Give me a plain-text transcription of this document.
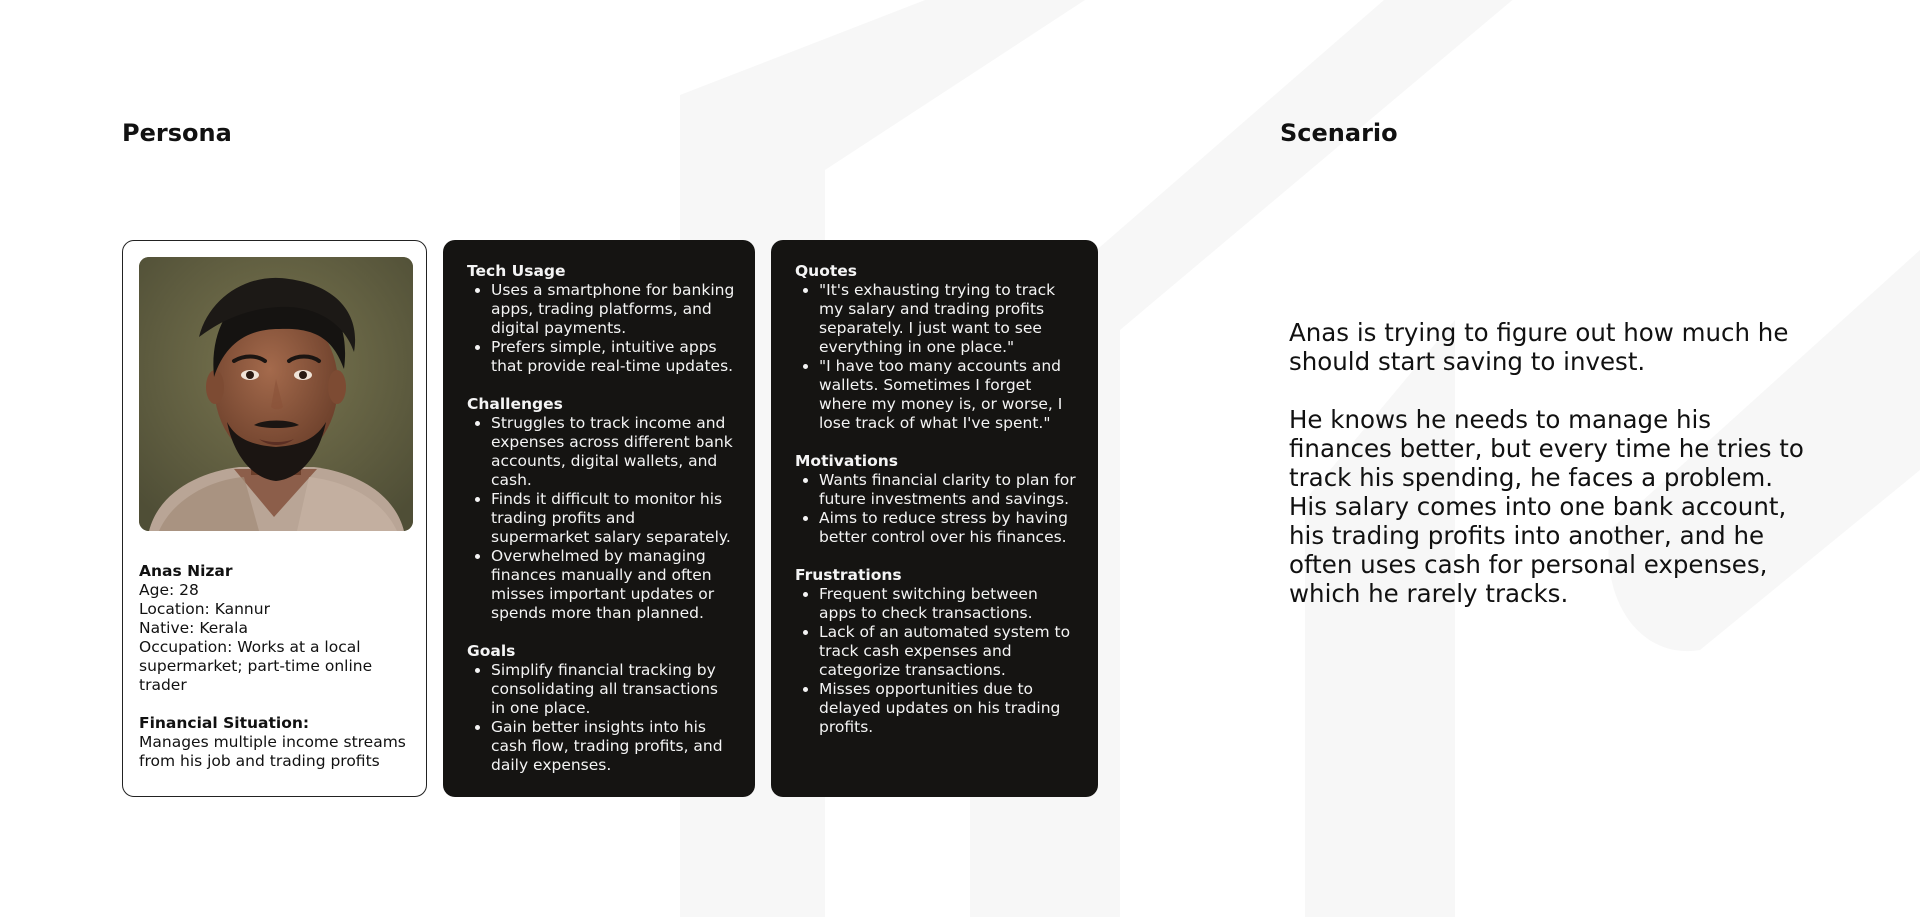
Persona	Scenario
Anas Nizar
Age: 28
Location: Kannur
Native: Kerala
Occupation: Works at a local supermarket; part-time online trader
Financial Situation:
Manages multiple income streams from his job and trading profits

Tech Usage

• Uses a smartphone for banking apps, trading platforms, and digital payments.
• Prefers simple, intuitive apps that provide real-time updates.

Challenges

• Struggles to track income and expenses across different bank accounts, digital wallets, and cash.
• Finds it difficult to monitor his trading profits and supermarket salary separately.
• Overwhelmed by managing finances manually and often misses important updates or spends more than planned.

Goals

• Simplify financial tracking by consolidating all transactions in one place.
• Gain better insights into his cash flow, trading profits, and daily expenses.

Quotes

• "It's exhausting trying to track my salary and trading profits separately. I just want to see everything in one place."
• "I have too many accounts and wallets. Sometimes I forget where my money is, or worse, I lose track of what I've spent."

Motivations

• Wants financial clarity to plan for future investments and savings.
• Aims to reduce stress by having better control over his finances.

Frustrations

• Frequent switching between apps to check transactions.
• Lack of an automated system to track cash expenses and categorize transactions.
• Misses opportunities due to delayed updates on his trading profits.

Anas is trying to figure out how much he should start saving to invest.

He knows he needs to manage his finances better, but every time he tries to track his spending, he faces a problem. His salary comes into one bank account, his trading profits into another, and he often uses cash for personal expenses, which he rarely tracks.
